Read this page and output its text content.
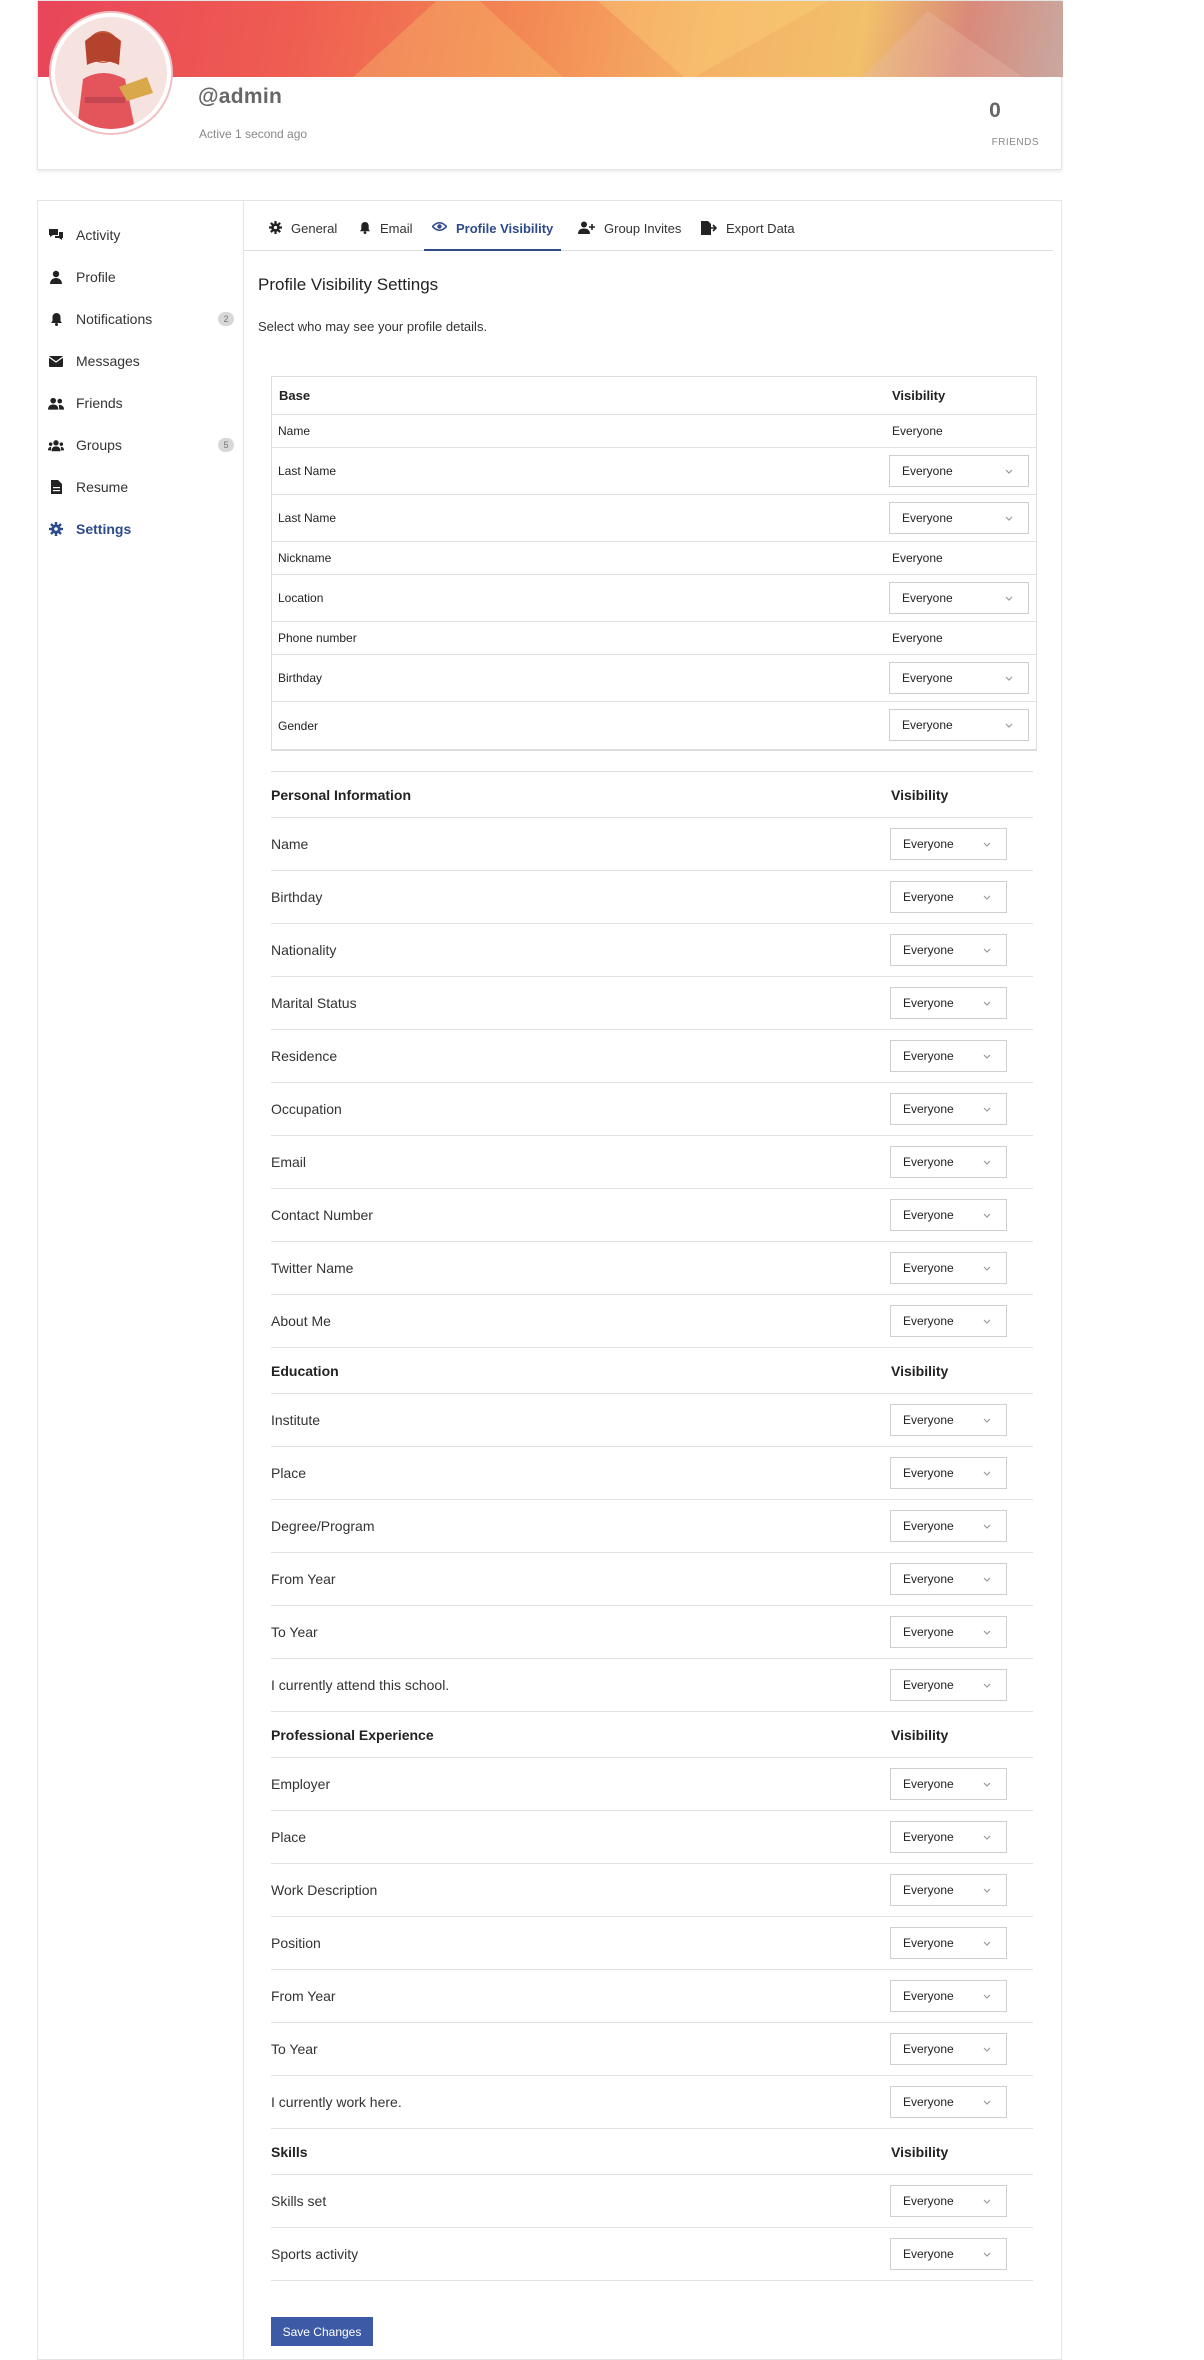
@admin
Active 1 second ago
0
FRIENDS
Activity
Profile
Notifications	2
Messages
Friends
Groups	5
Resume
Settings
General	Email	Profile Visibility	Group Invites	Export Data
Profile Visibility Settings
Select who may see your profile details.
Base	Visibility
Name	Everyone
Last Name	Everyone
Last Name	Everyone
Nickname	Everyone
Location	Everyone
Phone number	Everyone
Birthday	Everyone
Gender	Everyone
Personal Information	Visibility
Name	Everyone
Birthday	Everyone
Nationality	Everyone
Marital Status	Everyone
Residence	Everyone
Occupation	Everyone
Email	Everyone
Contact Number	Everyone
Twitter Name	Everyone
About Me	Everyone
Education	Visibility
Institute	Everyone
Place	Everyone
Degree/Program	Everyone
From Year	Everyone
To Year	Everyone
I currently attend this school.	Everyone
Professional Experience	Visibility
Employer	Everyone
Place	Everyone
Work Description	Everyone
Position	Everyone
From Year	Everyone
To Year	Everyone
I currently work here.	Everyone
Skills	Visibility
Skills set	Everyone
Sports activity	Everyone
Save Changes
